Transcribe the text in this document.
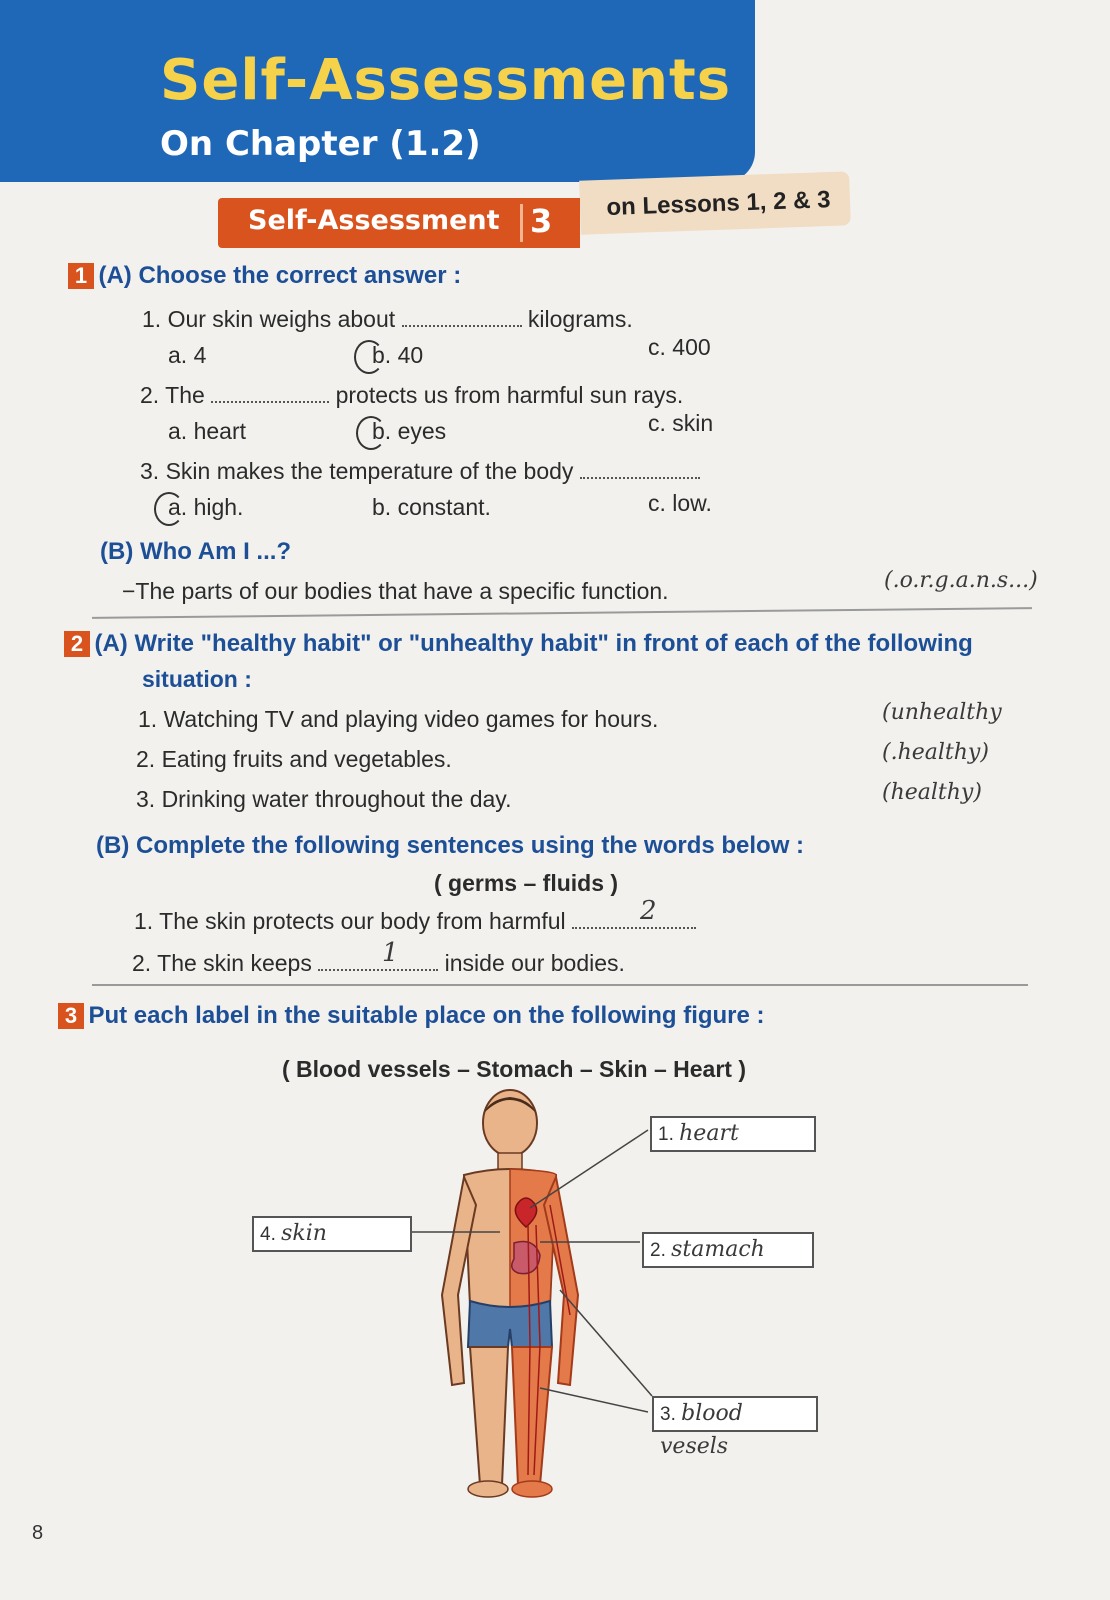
Self-Assessments
On Chapter (1.2)
on Lessons 1, 2 & 3
Self-Assessment 3
1 (A) Choose the correct answer :
1. Our skin weighs about	kilograms.
a. 4	b. 40	c. 400
2. The	protects us from harmful sun rays.
a. heart	b. eyes	c. skin
3. Skin makes the temperature of the body
a. high.	b. constant.	c. low.
(B) Who Am I ...?
−The parts of our bodies that have a specific function.	(.o.r.g.a.n.s...)
2 (A) Write "healthy habit" or "unhealthy habit" in front of each of the following
situation :
1. Watching TV and playing video games for hours.	(unhealthy
2. Eating fruits and vegetables.	(.healthy)
3. Drinking water throughout the day.	(healthy)
(B) Complete the following sentences using the words below :
( germs – fluids )
1. The skin protects our body from harmful	2
2. The skin keeps	inside our bodies.
1
3 Put each label in the suitable place on the following figure :
( Blood vessels – Stomach – Skin – Heart )
1. heart
2. stamach
3. blood vesels
4. skin
8
